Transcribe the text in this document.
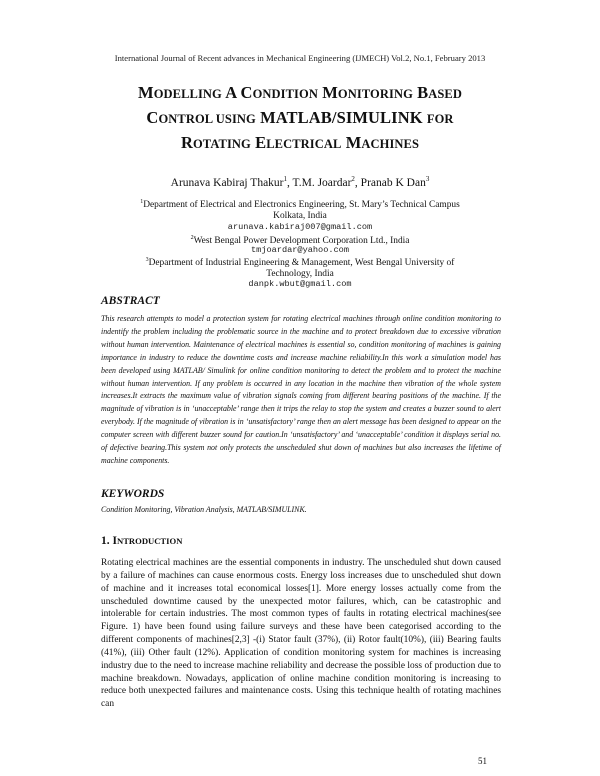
International Journal of Recent advances in Mechanical Engineering (IJMECH) Vol.2, No.1, February 2013
MODELLING A CONDITION MONITORING BASED
CONTROL USING MATLAB/SIMULINK FOR
ROTATING ELECTRICAL MACHINES
Arunava Kabiraj Thakur$^1$, T.M. Joardar$^2$, Pranab K Dan$^3$
$^1$Department of Electrical and Electronics Engineering, St. Mary’s Technical Campus Kolkata, India
arunava.kabiraj007@gmail.com
$^2$West Bengal Power Development Corporation Ltd., India
tmjoardar@yahoo.com
$^3$Department of Industrial Engineering & Management, West Bengal University of Technology, India
danpk.wbut@gmail.com
ABSTRACT
This research attempts to model a protection system for rotating electrical machines through online condition monitoring to indentify the problem including the problematic source in the machine and to protect breakdown due to excessive vibration without human intervention. Maintenance of electrical machines is essential so, condition monitoring of machines is gaining importance in industry to reduce the downtime costs and increase machine reliability.In this work a simulation model has been developed using MATLAB/ Simulink for online condition monitoring to detect the problem and to protect the machine without human intervention. If any problem is occurred in any location in the machine then vibration of the whole system increases.It extracts the maximum value of vibration signals coming from different bearing positions of the machine. If the magnitude of vibration is in ‘unacceptable’ range then it trips the relay to stop the system and creates a buzzer sound to alert everybody. If the magnitude of vibration is in ‘unsatisfactory’ range then an alert message has been designed to appear on the computer screen with different buzzer sound for caution.In ‘unsatisfactory’ and ‘unacceptable’ condition it displays serial no. of defective bearing.This system not only protects the unscheduled shut down of machines but also increases the lifetime of machine components.
KEYWORDS
Condition Monitoring, Vibration Analysis, MATLAB/SIMULINK.
1. INTRODUCTION
Rotating electrical machines are the essential components in industry. The unscheduled shut down caused by a failure of machines can cause enormous costs. Energy loss increases due to unscheduled shut down of machine and it increases total economical losses[1]. More energy losses actually come from the unscheduled downtime caused by the unexpected motor failures, which, can be catastrophic and intolerable for certain industries. The most common types of faults in rotating electrical machines(see Figure. 1) have been found using failure surveys and these have been categorised according to the different components of machines[2,3] -(i) Stator fault (37%), (ii) Rotor fault(10%), (iii) Bearing faults (41%), (iii) Other fault (12%). Application of condition monitoring system for machines is increasing industry due to the need to increase machine reliability and decrease the possible loss of production due to machine breakdown. Nowadays, application of online machine condition monitoring is increasing to reduce both unexpected failures and maintenance costs. Using this technique health of rotating machines can
51
